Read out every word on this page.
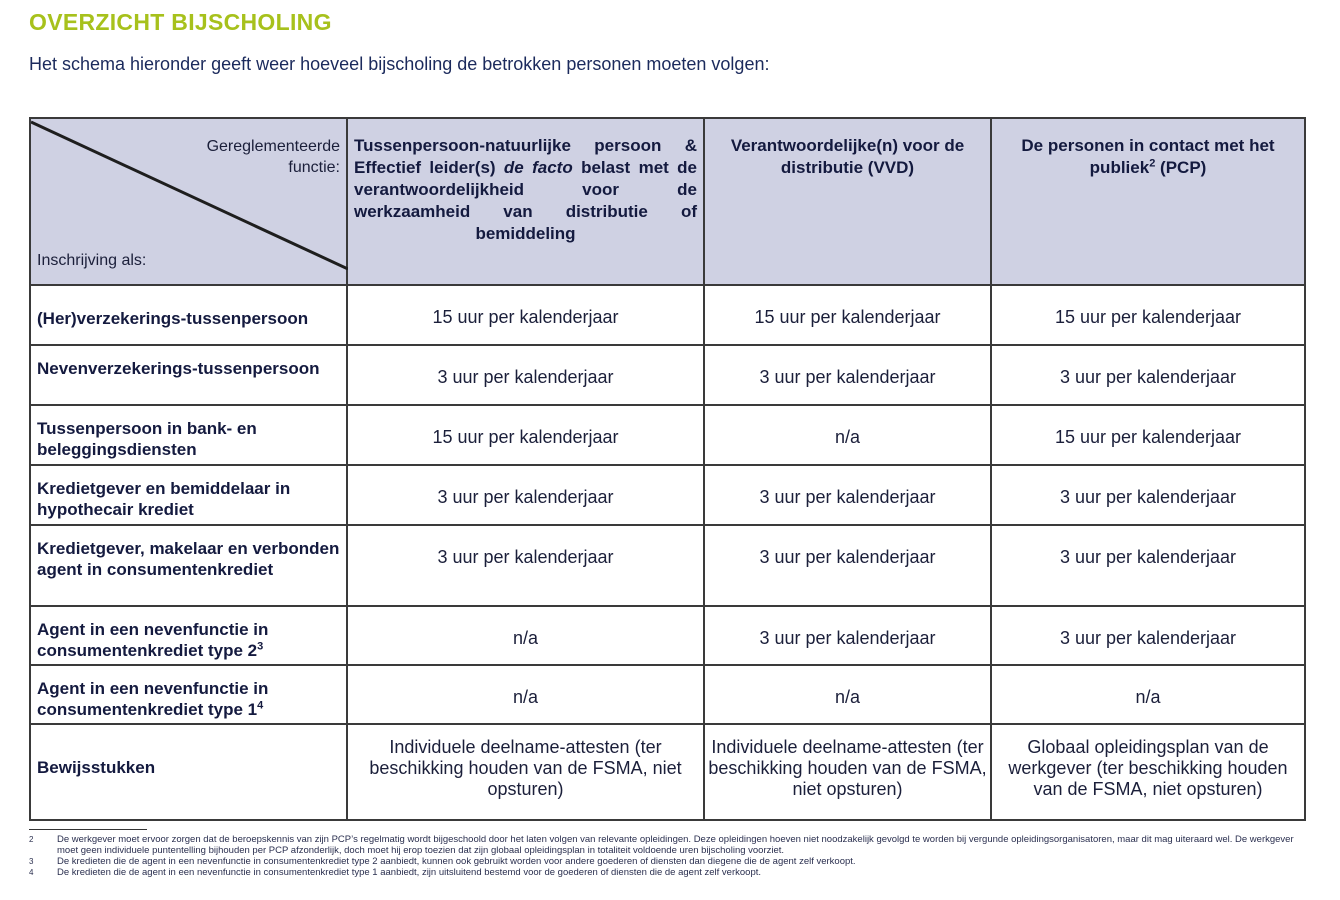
OVERZICHT BIJSCHOLING

Het schema hieronder geeft weer hoeveel bijscholing de betrokken personen moeten volgen:

Gereglementeerde
functie:
Inschrijving als:	Tussenpersoon-natuurlijke persoon & Effectief leider(s) de facto belast met de verantwoordelijkheid voor de werkzaamheid van distributie of bemiddeling	Verantwoordelijke(n) voor de distributie (VVD)	De personen in contact met het publiek$^2$ (PCP)
(Her)verzekerings-tussenpersoon	15 uur per kalenderjaar	15 uur per kalenderjaar	15 uur per kalenderjaar
Nevenverzekerings-tussenpersoon	3 uur per kalenderjaar	3 uur per kalenderjaar	3 uur per kalenderjaar
Tussenpersoon in bank- en beleggingsdiensten	15 uur per kalenderjaar	n/a	15 uur per kalenderjaar
Kredietgever en bemiddelaar in hypothecair krediet	3 uur per kalenderjaar	3 uur per kalenderjaar	3 uur per kalenderjaar
Kredietgever, makelaar en verbonden agent in consumentenkrediet	3 uur per kalenderjaar	3 uur per kalenderjaar	3 uur per kalenderjaar
Agent in een nevenfunctie in consumentenkrediet type $2^3$	n/a	3 uur per kalenderjaar	3 uur per kalenderjaar
Agent in een nevenfunctie in consumentenkrediet type $1^4$	n/a	n/a	n/a
Bewijsstukken	Individuele deelname-attesten (ter beschikking houden van de FSMA, niet opsturen)	Individuele deelname-attesten (ter beschikking houden van de FSMA, niet opsturen)	Globaal opleidingsplan van de werkgever (ter beschikking houden van de FSMA, niet opsturen)
2	De werkgever moet ervoor zorgen dat de beroepskennis van zijn PCP’s regelmatig wordt bijgeschoold door het laten volgen van relevante opleidingen. Deze opleidingen hoeven niet noodzakelijk gevolgd te worden bij vergunde opleidingsorganisatoren, maar dit mag uiteraard wel. De werkgever moet geen individuele puntentelling bijhouden per PCP afzonderlijk, doch moet hij erop toezien dat zijn globaal opleidingsplan in totaliteit voldoende uren bijscholing voorziet.
3	De kredieten die de agent in een nevenfunctie in consumentenkrediet type 2 aanbiedt, kunnen ook gebruikt worden voor andere goederen of diensten dan diegene die de agent zelf verkoopt.
4	De kredieten die de agent in een nevenfunctie in consumentenkrediet type 1 aanbiedt, zijn uitsluitend bestemd voor de goederen of diensten die de agent zelf verkoopt.
